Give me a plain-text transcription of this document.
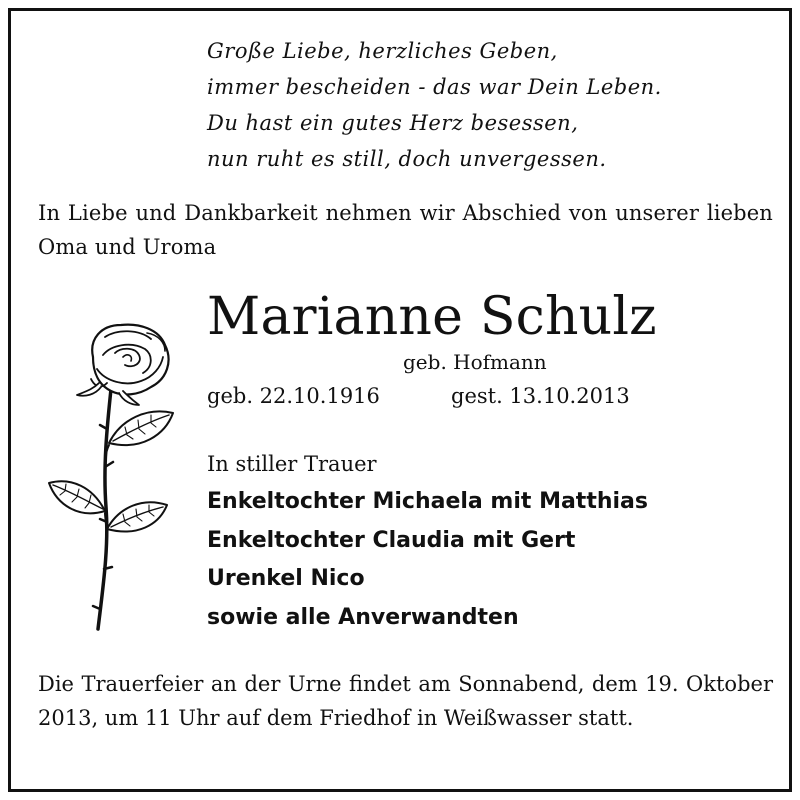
Große Liebe, herzliches Geben,
immer bescheiden - das war Dein Leben.
Du hast ein gutes Herz besessen,
nun ruht es still, doch unvergessen.
In Liebe und Dankbarkeit nehmen wir Abschied von unserer lieben Oma und Uroma
Marianne Schulz
geb. Hofmann
geb. 22.10.1916	gest. 13.10.2013
In stiller Trauer
Enkeltochter Michaela mit Matthias
Enkeltochter Claudia mit Gert
Urenkel Nico
sowie alle Anverwandten
Die Trauerfeier an der Urne findet am Sonnabend, dem 19. Oktober 2013, um 11 Uhr auf dem Friedhof in Weißwasser statt.
